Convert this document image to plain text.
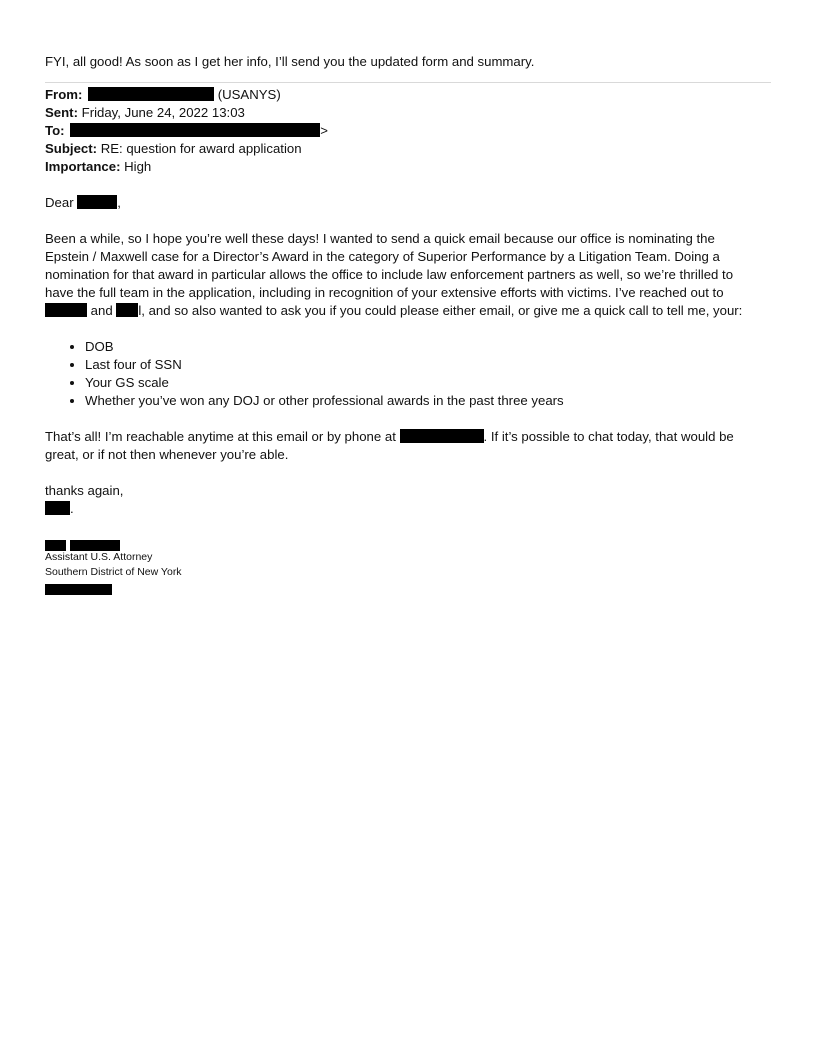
FYI, all good! As soon as I get her info, I’ll send you the updated form and summary.
From:	(USANYS)
Sent: Friday, June 24, 2022 13:03
To:	>
Subject: RE: question for award application
Importance: High
Dear	,
Been a while, so I hope you’re well these days! I wanted to send a quick email because our office is nominating the
Epstein / Maxwell case for a Director’s Award in the category of Superior Performance by a Litigation Team. Doing a
nomination for that award in particular allows the office to include law enforcement partners as well, so we’re thrilled to
have the full team in the application, including in recognition of your extensive efforts with victims. I’ve reached out to
and l, and so also wanted to ask you if you could please either email, or give me a quick call to tell me, your:
• DOB
• Last four of SSN
• Your GS scale
• Whether you’ve won any DOJ or other professional awards in the past three years
That’s all! I’m reachable anytime at this email or by phone at	. If it’s possible to chat today, that would be
great, or if not then whenever you’re able.
thanks again,
.

Assistant U.S. Attorney
Southern District of New York
